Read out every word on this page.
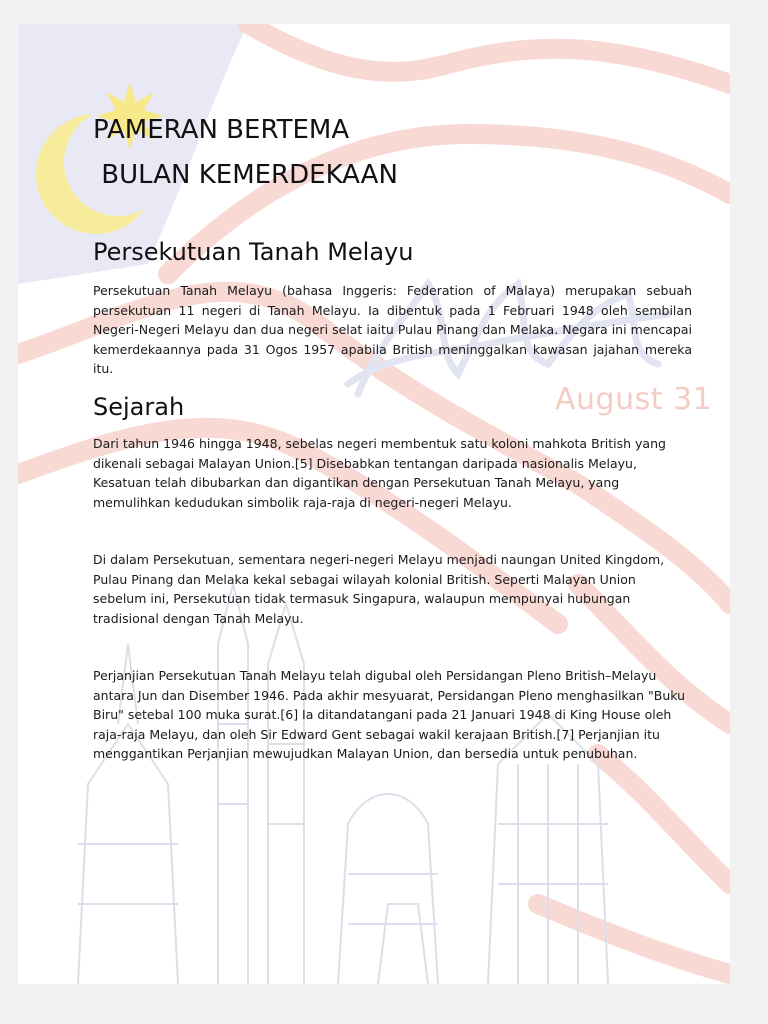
August 31
PAMERAN BERTEMA
BULAN KEMERDEKAAN
Persekutuan Tanah Melayu

Persekutuan Tanah Melayu (bahasa Inggeris: Federation of Malaya) merupakan sebuah persekutuan 11 negeri di Tanah Melayu. Ia dibentuk pada 1 Februari 1948 oleh sembilan Negeri-Negeri Melayu dan dua negeri selat iaitu Pulau Pinang dan Melaka. Negara ini mencapai kemerdekaannya pada 31 Ogos 1957 apabila British meninggalkan kawasan jajahan mereka itu.

Sejarah

Dari tahun 1946 hingga 1948, sebelas negeri membentuk satu koloni mahkota British yang dikenali sebagai Malayan Union.[5] Disebabkan tentangan daripada nasionalis Melayu, Kesatuan telah dibubarkan dan digantikan dengan Persekutuan Tanah Melayu, yang memulihkan kedudukan simbolik raja-raja di negeri-negeri Melayu.

Di dalam Persekutuan, sementara negeri-negeri Melayu menjadi naungan United Kingdom, Pulau Pinang dan Melaka kekal sebagai wilayah kolonial British. Seperti Malayan Union sebelum ini, Persekutuan tidak termasuk Singapura, walaupun mempunyai hubungan tradisional dengan Tanah Melayu.

Perjanjian Persekutuan Tanah Melayu telah digubal oleh Persidangan Pleno British–Melayu antara Jun dan Disember 1946. Pada akhir mesyuarat, Persidangan Pleno menghasilkan "Buku Biru" setebal 100 muka surat.[6] Ia ditandatangani pada 21 Januari 1948 di King House oleh raja-raja Melayu, dan oleh Sir Edward Gent sebagai wakil kerajaan British.[7] Perjanjian itu menggantikan Perjanjian mewujudkan Malayan Union, dan bersedia untuk penubuhan.
